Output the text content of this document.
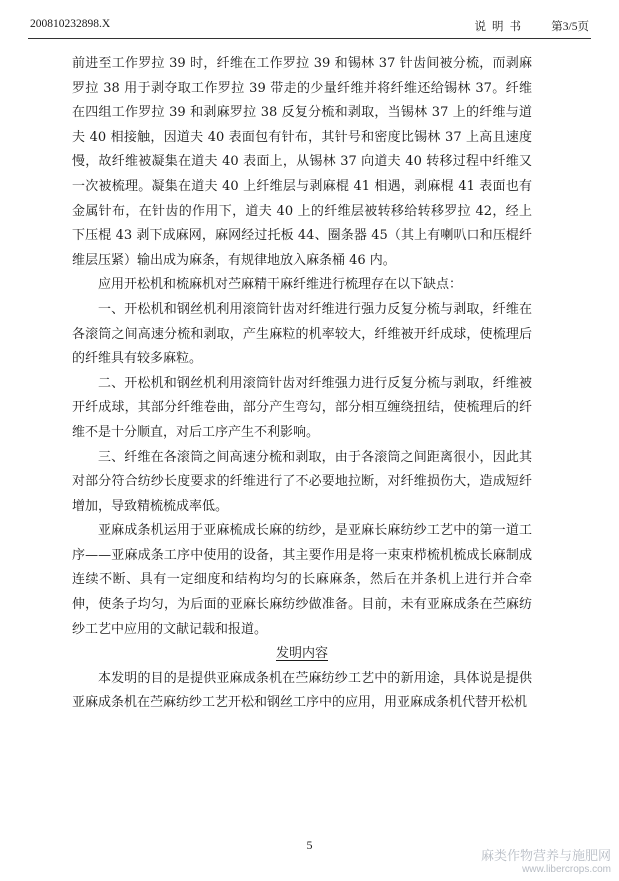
200810232898.X	说明书 第3/5页

前进至工作罗拉 39 时，纤维在工作罗拉 39 和锡林 37 针齿间被分梳，而剥麻罗拉 38 用于剥夺取工作罗拉 39 带走的少量纤维并将纤维还给锡林 37。纤维在四组工作罗拉 39 和剥麻罗拉 38 反复分梳和剥取，当锡林 37 上的纤维与道夫 40 相接触，因道夫 40 表面包有针布，其针号和密度比锡林 37 上高且速度慢，故纤维被凝集在道夫 40 表面上，从锡林 37 向道夫 40 转移过程中纤维又一次被梳理。凝集在道夫 40 上纤维层与剥麻棍 41 相遇，剥麻棍 41 表面也有金属针布，在针齿的作用下，道夫 40 上的纤维层被转移给转移罗拉 42，经上下压棍 43 剥下成麻网，麻网经过托板 44、圈条器 45（其上有喇叭口和压棍纤维层压紧）输出成为麻条，有规律地放入麻条桶 46 内。

应用开松机和梳麻机对苎麻精干麻纤维进行梳理存在以下缺点：

一、开松机和钢丝机利用滚筒针齿对纤维进行强力反复分梳与剥取，纤维在各滚筒之间高速分梳和剥取，产生麻粒的机率较大，纤维被开纤成球，使梳理后的纤维具有较多麻粒。

二、开松机和钢丝机利用滚筒针齿对纤维强力进行反复分梳与剥取，纤维被开纤成球，其部分纤维卷曲，部分产生弯勾，部分相互缠绕扭结，使梳理后的纤维不是十分顺直，对后工序产生不利影响。

三、纤维在各滚筒之间高速分梳和剥取，由于各滚筒之间距离很小，因此其对部分符合纺纱长度要求的纤维进行了不必要地拉断，对纤维损伤大，造成短纤增加，导致精梳梳成率低。

亚麻成条机运用于亚麻梳成长麻的纺纱，是亚麻长麻纺纱工艺中的第一道工序——亚麻成条工序中使用的设备，其主要作用是将一束束栉梳机梳成长麻制成连续不断、具有一定细度和结构均匀的长麻麻条，然后在并条机上进行并合牵伸，使条子均匀，为后面的亚麻长麻纺纱做准备。目前，未有亚麻成条在苎麻纺纱工艺中应用的文献记载和报道。

发明内容

本发明的目的是提供亚麻成条机在苎麻纺纱工艺中的新用途，具体说是提供亚麻成条机在苎麻纺纱工艺开松和钢丝工序中的应用，用亚麻成条机代替开松机

5
麻类作物营养与施肥网
www.libercrops.com
